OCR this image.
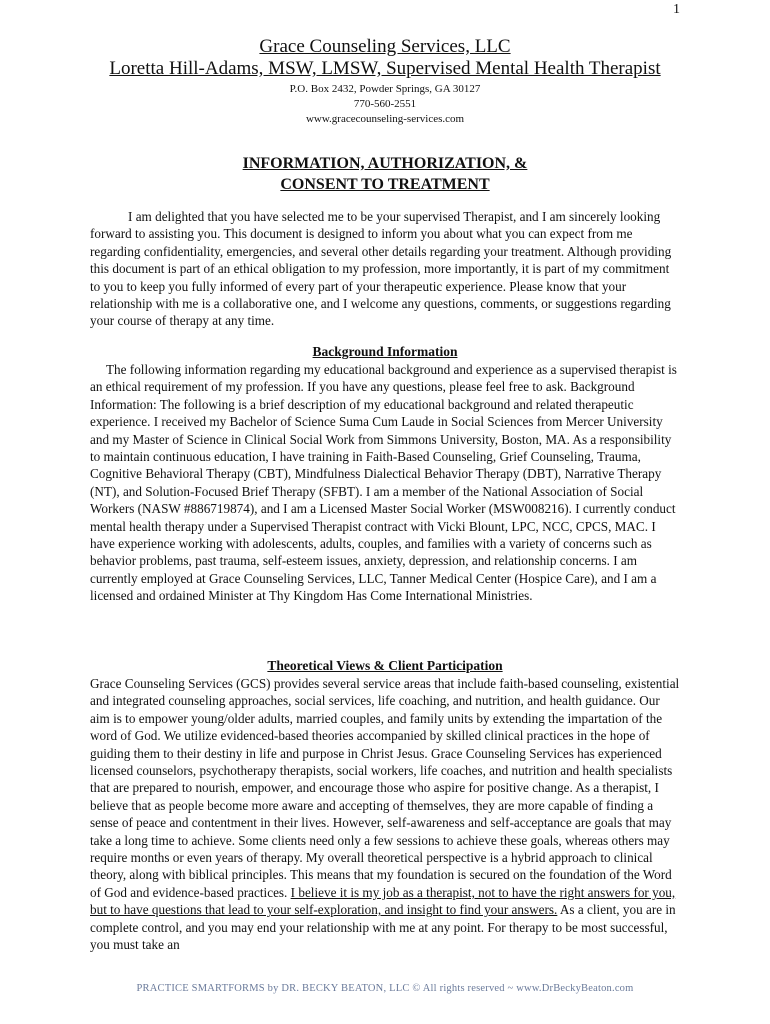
1
Grace Counseling Services, LLC
Loretta Hill-Adams, MSW, LMSW, Supervised Mental Health Therapist
P.O. Box 2432, Powder Springs, GA 30127
770-560-2551
www.gracecounseling-services.com
INFORMATION, AUTHORIZATION, &
CONSENT TO TREATMENT
I am delighted that you have selected me to be your supervised Therapist, and I am sincerely looking forward to assisting you. This document is designed to inform you about what you can expect from me regarding confidentiality, emergencies, and several other details regarding your treatment. Although providing this document is part of an ethical obligation to my profession, more importantly, it is part of my commitment to you to keep you fully informed of every part of your therapeutic experience. Please know that your relationship with me is a collaborative one, and I welcome any questions, comments, or suggestions regarding your course of therapy at any time.
Background Information
The following information regarding my educational background and experience as a supervised therapist is an ethical requirement of my profession. If you have any questions, please feel free to ask. Background Information: The following is a brief description of my educational background and related therapeutic experience. I received my Bachelor of Science Suma Cum Laude in Social Sciences from Mercer University and my Master of Science in Clinical Social Work from Simmons University, Boston, MA. As a responsibility to maintain continuous education, I have training in Faith-Based Counseling, Grief Counseling, Trauma, Cognitive Behavioral Therapy (CBT), Mindfulness Dialectical Behavior Therapy (DBT), Narrative Therapy (NT), and Solution-Focused Brief Therapy (SFBT). I am a member of the National Association of Social Workers (NASW #886719874), and I am a Licensed Master Social Worker (MSW008216). I currently conduct mental health therapy under a Supervised Therapist contract with Vicki Blount, LPC, NCC, CPCS, MAC. I have experience working with adolescents, adults, couples, and families with a variety of concerns such as behavior problems, past trauma, self-esteem issues, anxiety, depression, and relationship concerns. I am currently employed at Grace Counseling Services, LLC, Tanner Medical Center (Hospice Care), and I am a licensed and ordained Minister at Thy Kingdom Has Come International Ministries.
Theoretical Views & Client Participation
Grace Counseling Services (GCS) provides several service areas that include faith-based counseling, existential and integrated counseling approaches, social services, life coaching, and nutrition, and health guidance. Our aim is to empower young/older adults, married couples, and family units by extending the impartation of the word of God. We utilize evidenced-based theories accompanied by skilled clinical practices in the hope of guiding them to their destiny in life and purpose in Christ Jesus. Grace Counseling Services has experienced licensed counselors, psychotherapy therapists, social workers, life coaches, and nutrition and health specialists that are prepared to nourish, empower, and encourage those who aspire for positive change. As a therapist, I believe that as people become more aware and accepting of themselves, they are more capable of finding a sense of peace and contentment in their lives. However, self-awareness and self-acceptance are goals that may take a long time to achieve. Some clients need only a few sessions to achieve these goals, whereas others may require months or even years of therapy. My overall theoretical perspective is a hybrid approach to clinical theory, along with biblical principles. This means that my foundation is secured on the foundation of the Word of God and evidence-based practices. I believe it is my job as a therapist, not to have the right answers for you, but to have questions that lead to your self-exploration, and insight to find your answers. As a client, you are in complete control, and you may end your relationship with me at any point. For therapy to be most successful, you must take an
PRACTICE SMARTFORMS by DR. BECKY BEATON, LLC © All rights reserved ~ www.DrBeckyBeaton.com
